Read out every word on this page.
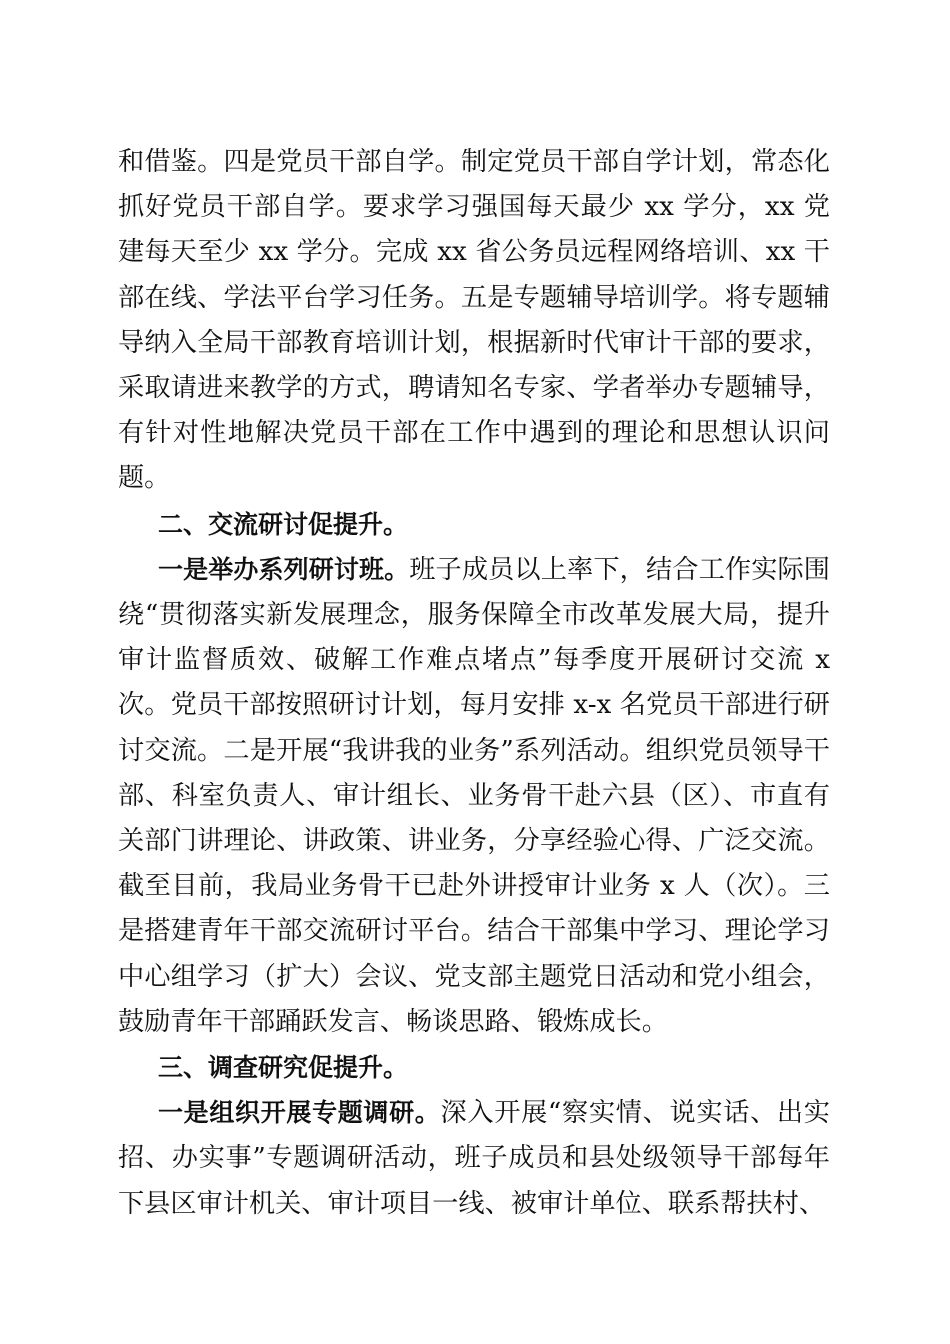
和借鉴。四是党员干部自学。制定党员干部自学计划，常态化抓好党员干部自学。要求学习强国每天最少 xx 学分，xx 党建每天至少 xx 学分。完成 xx 省公务员远程网络培训、xx 干部在线、学法平台学习任务。五是专题辅导培训学。将专题辅导纳入全局干部教育培训计划，根据新时代审计干部的要求，采取请进来教学的方式，聘请知名专家、学者举办专题辅导，有针对性地解决党员干部在工作中遇到的理论和思想认识问题。

二、交流研讨促提升。

一是举办系列研讨班。班子成员以上率下，结合工作实际围绕“贯彻落实新发展理念，服务保障全市改革发展大局，提升审计监督质效、破解工作难点堵点”每季度开展研讨交流 x 次。党员干部按照研讨计划，每月安排 x-x 名党员干部进行研讨交流。二是开展“我讲我的业务”系列活动。组织党员领导干部、科室负责人、审计组长、业务骨干赴六县（区）、市直有关部门讲理论、讲政策、讲业务，分享经验心得、广泛交流。截至目前，我局业务骨干已赴外讲授审计业务 x 人（次）。三是搭建青年干部交流研讨平台。结合干部集中学习、理论学习中心组学习（扩大）会议、党支部主题党日活动和党小组会，鼓励青年干部踊跃发言、畅谈思路、锻炼成长。

三、调查研究促提升。

一是组织开展专题调研。深入开展“察实情、说实话、出实招、办实事”专题调研活动，班子成员和县处级领导干部每年下县区审计机关、审计项目一线、被审计单位、联系帮扶村、
